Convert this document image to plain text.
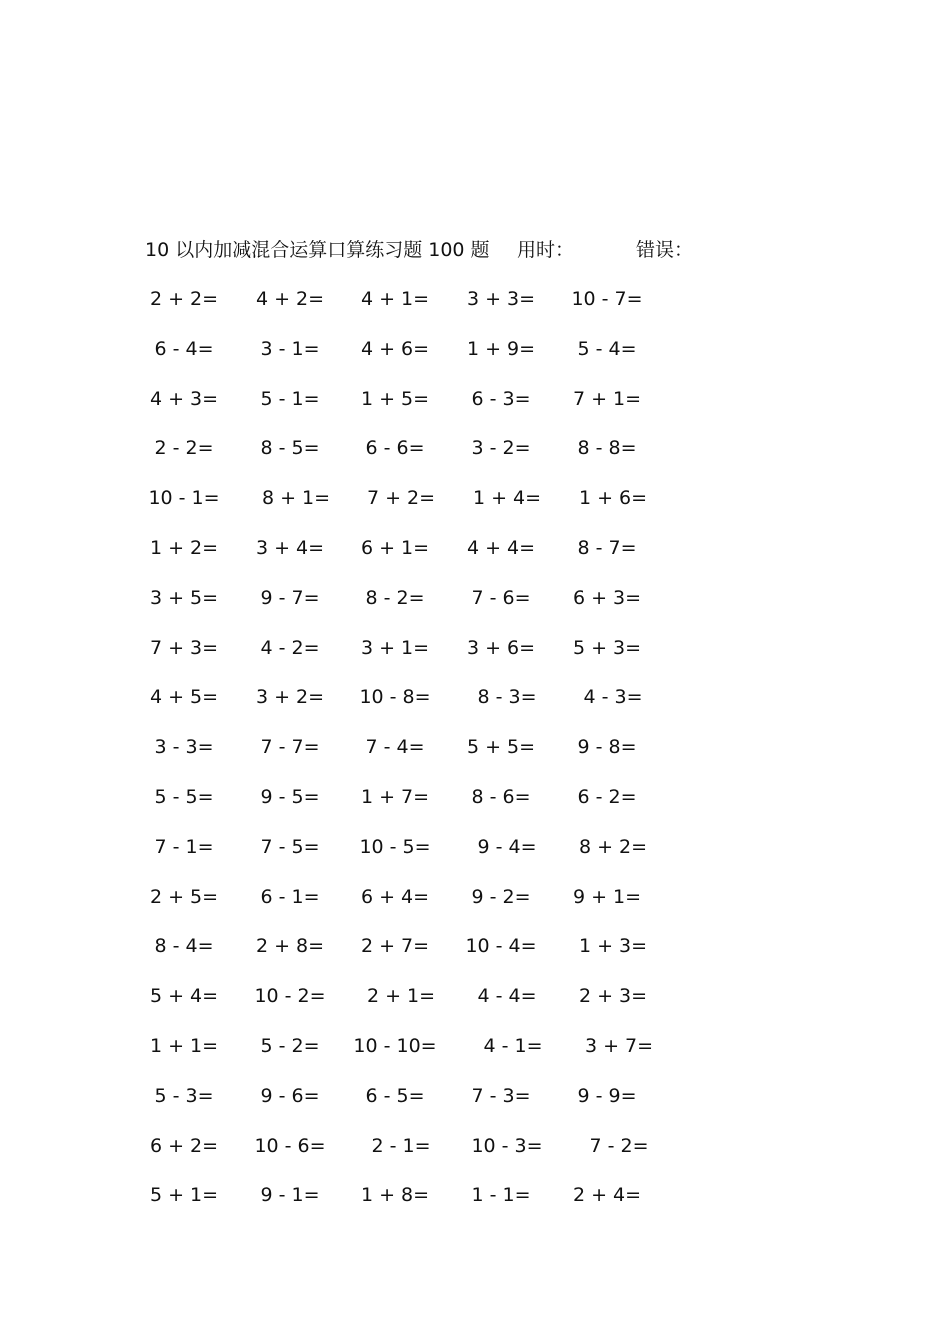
10 以内加减混合运算口算练习题 100 题 用时：	错误：
2 + 2=	4 + 2=	4 + 1=	3 + 3=	10 - 7=
6 - 4=	3 - 1=	4 + 6=	1 + 9=	5 - 4=
4 + 3=	5 - 1=	1 + 5=	6 - 3=	7 + 1=
2 - 2=	8 - 5=	6 - 6=	3 - 2=	8 - 8=
10 - 1=	8 + 1=	7 + 2=	1 + 4=	1 + 6=
1 + 2=	3 + 4=	6 + 1=	4 + 4=	8 - 7=
3 + 5=	9 - 7=	8 - 2=	7 - 6=	6 + 3=
7 + 3=	4 - 2=	3 + 1=	3 + 6=	5 + 3=
4 + 5=	3 + 2=	10 - 8=	8 - 3=	4 - 3=
3 - 3=	7 - 7=	7 - 4=	5 + 5=	9 - 8=
5 - 5=	9 - 5=	1 + 7=	8 - 6=	6 - 2=
7 - 1=	7 - 5=	10 - 5=	9 - 4=	8 + 2=
2 + 5=	6 - 1=	6 + 4=	9 - 2=	9 + 1=
8 - 4=	2 + 8=	2 + 7=	10 - 4=	1 + 3=
5 + 4=	10 - 2=	2 + 1=	4 - 4=	2 + 3=
1 + 1=	5 - 2=	10 - 10=	4 - 1=	3 + 7=
5 - 3=	9 - 6=	6 - 5=	7 - 3=	9 - 9=
6 + 2=	10 - 6=	2 - 1=	10 - 3=	7 - 2=
5 + 1=	9 - 1=	1 + 8=	1 - 1=	2 + 4=
